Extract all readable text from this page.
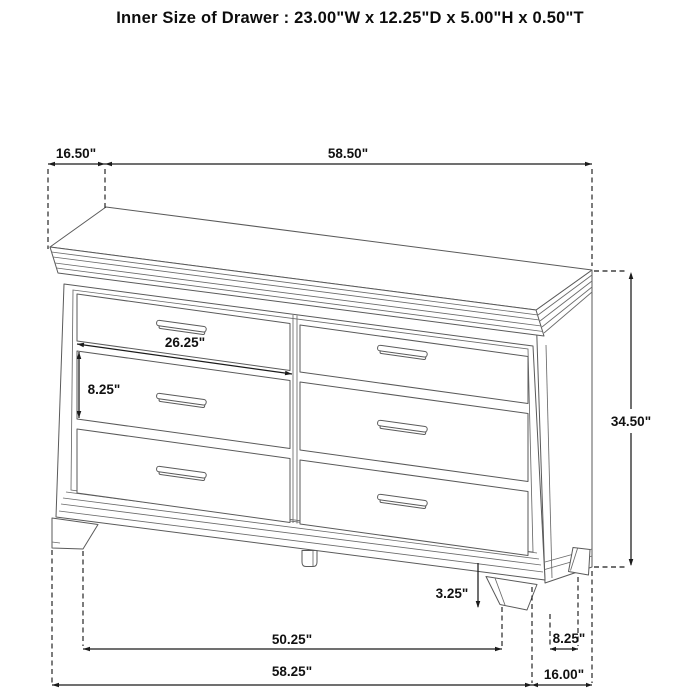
Inner Size of Drawer : 23.00"W x 12.25"D x 5.00"H x 0.50"T
16.50"	58.50"
34.50"
26.25"
8.25"
3.25"
50.25"
58.25"
8.25"
16.00"
